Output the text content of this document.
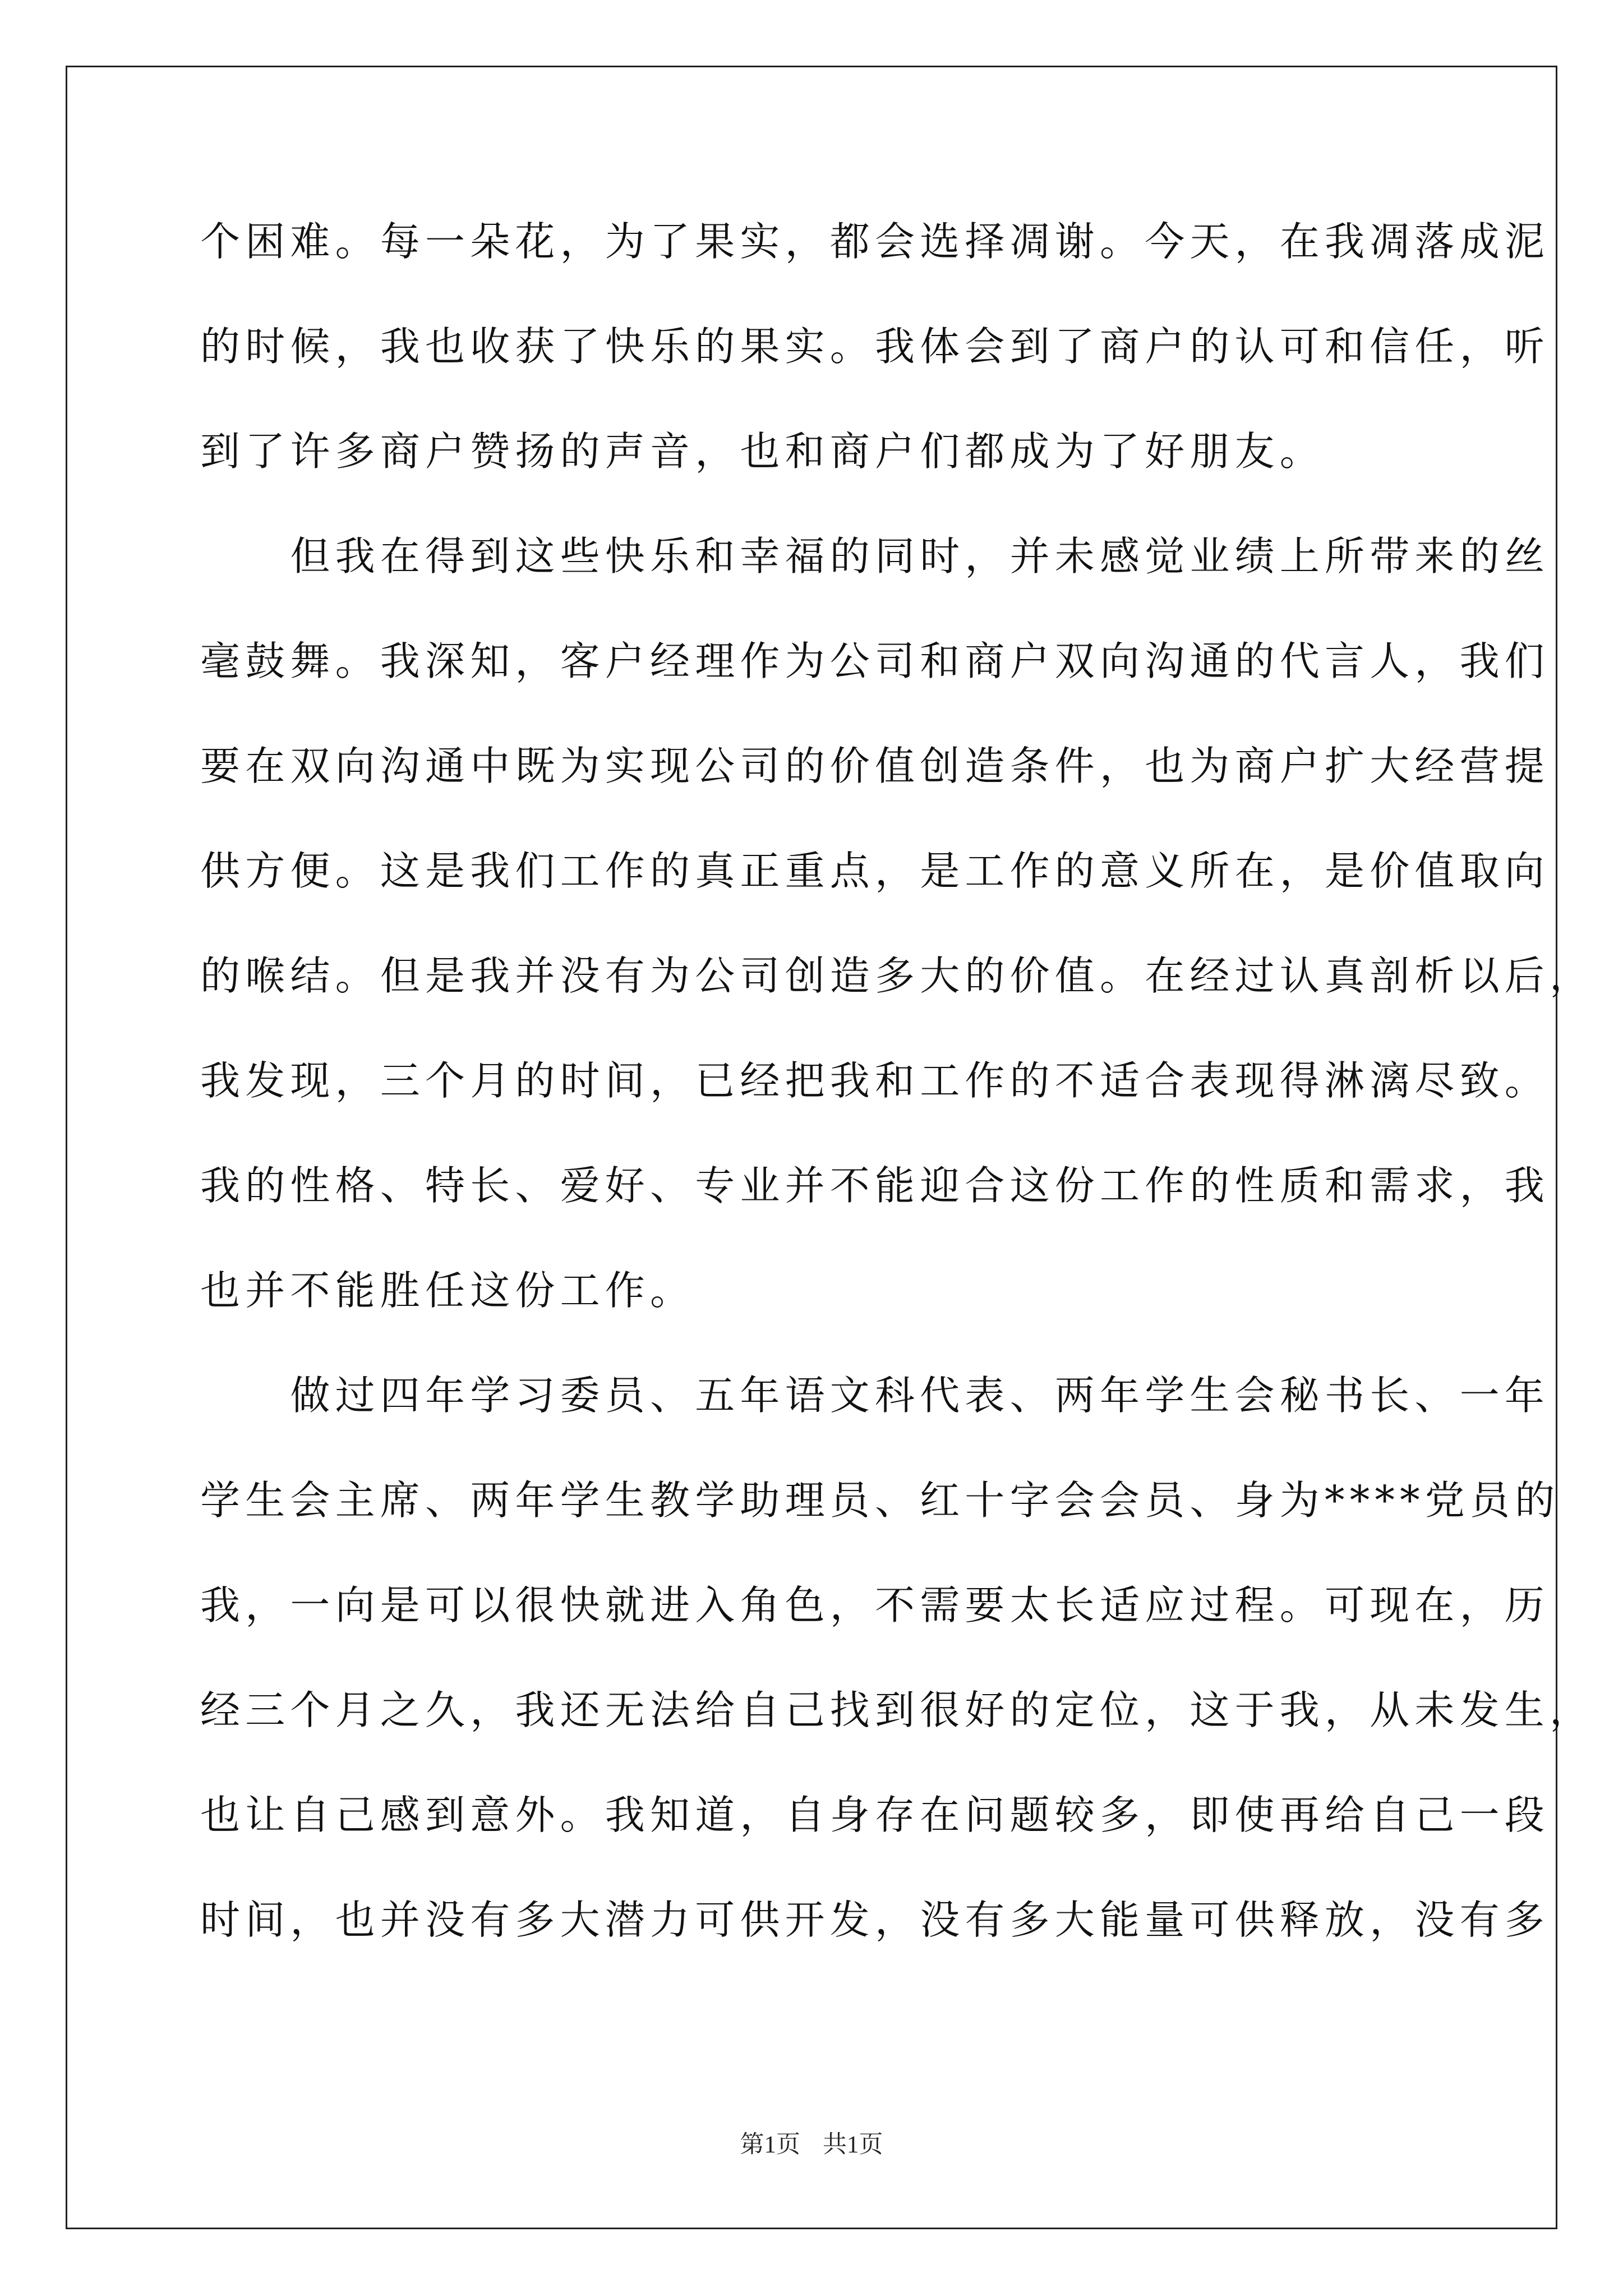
个困难。每一朵花，为了果实，都会选择凋谢。今天，在我凋落成泥
的时候，我也收获了快乐的果实。我体会到了商户的认可和信任，听
到了许多商户赞扬的声音，也和商户们都成为了好朋友。
　　但我在得到这些快乐和幸福的同时，并未感觉业绩上所带来的丝
毫鼓舞。我深知，客户经理作为公司和商户双向沟通的代言人，我们
要在双向沟通中既为实现公司的价值创造条件，也为商户扩大经营提
供方便。这是我们工作的真正重点，是工作的意义所在，是价值取向
的喉结。但是我并没有为公司创造多大的价值。在经过认真剖析以后，
我发现，三个月的时间，已经把我和工作的不适合表现得淋漓尽致。
我的性格、特长、爱好、专业并不能迎合这份工作的性质和需求，我
也并不能胜任这份工作。
　　做过四年学习委员、五年语文科代表、两年学生会秘书长、一年
学生会主席、两年学生教学助理员、红十字会会员、身为****党员的
我，一向是可以很快就进入角色，不需要太长适应过程。可现在，历
经三个月之久，我还无法给自己找到很好的定位，这于我，从未发生，
也让自己感到意外。我知道，自身存在问题较多，即使再给自己一段
时间，也并没有多大潜力可供开发，没有多大能量可供释放，没有多
第1页 共1页
